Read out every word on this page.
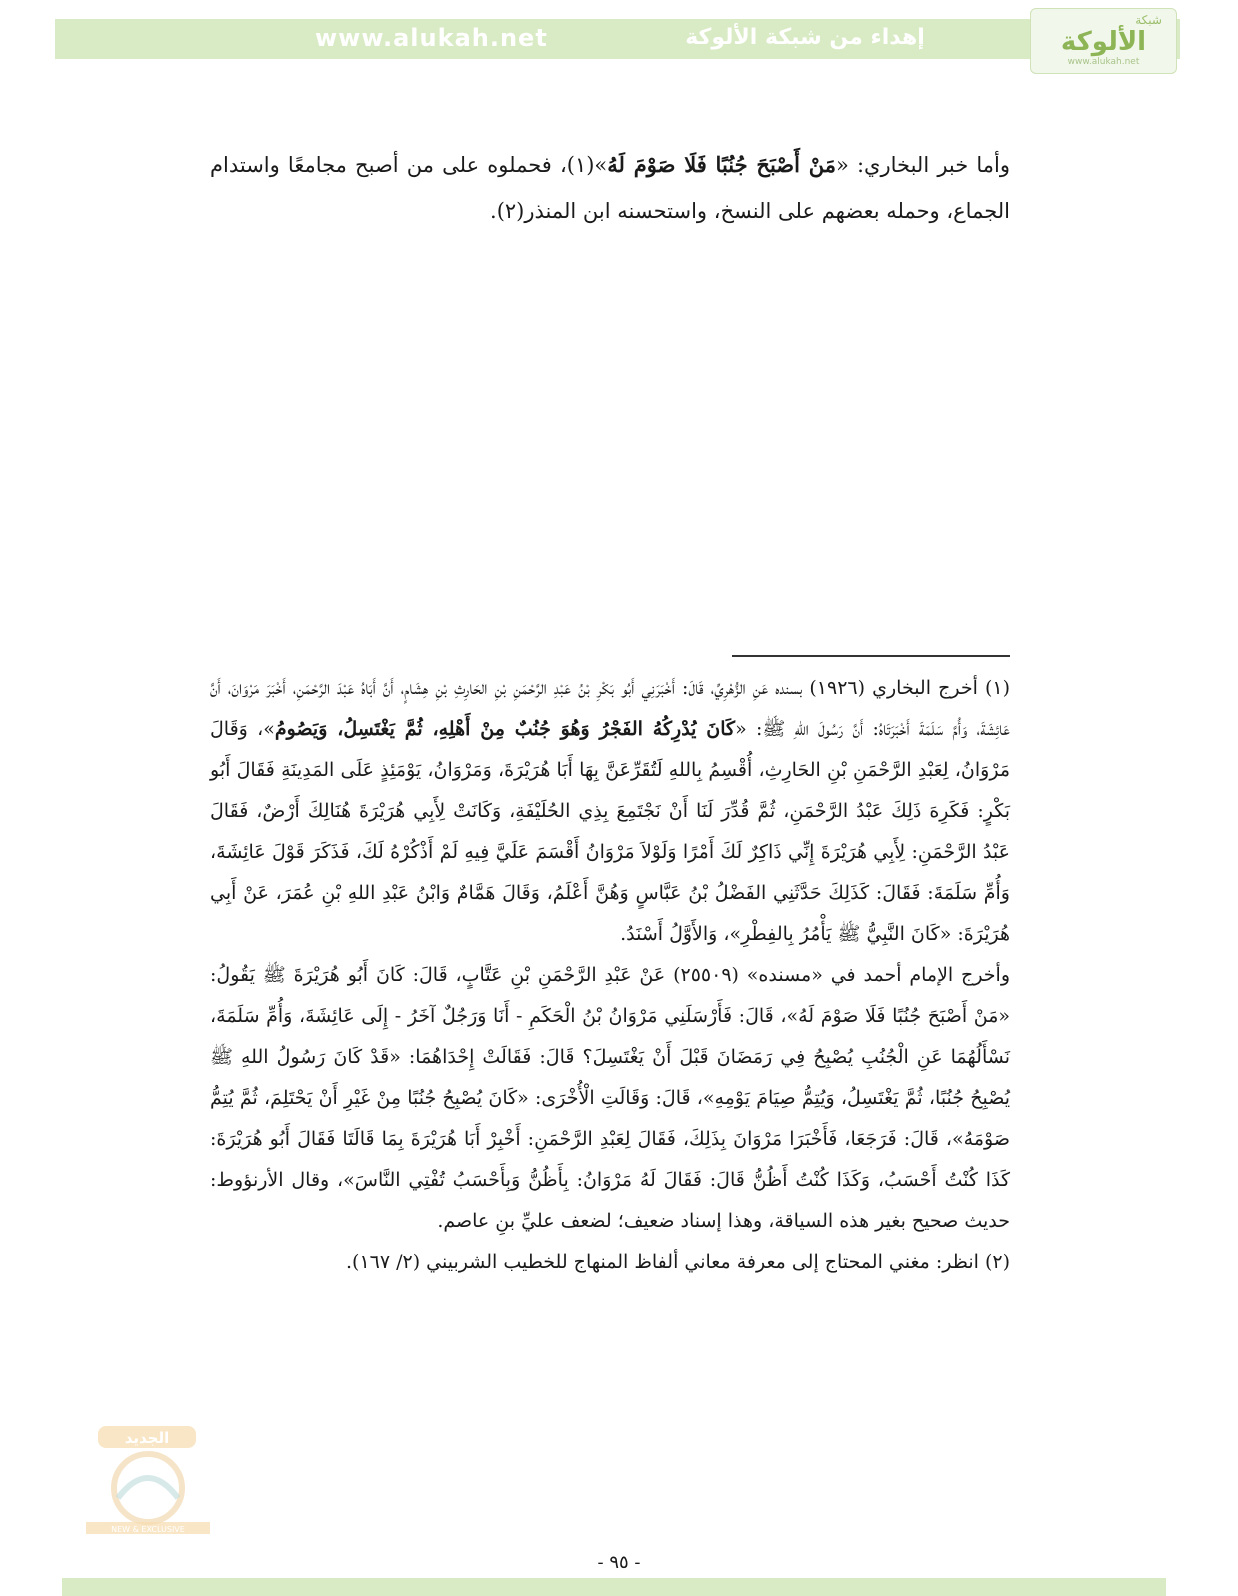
www.alukah.net	إهداء من شبكة الألوكة
شبكة
الألوكة
www.alukah.net

وأما خبر البخاري: «مَنْ أَصْبَحَ جُنُبًا فَلَا صَوْمَ لَهُ»(١)، فحملوه على من أصبح مجامعًا واستدام الجماع، وحمله بعضهم على النسخ، واستحسنه ابن المنذر(٢).

(١) أخرج البخاري (١٩٢٦) بسنده عَنِ الزُّهْرِيِّ، قَالَ: أَخْبَرَنِي أَبُو بَكْرِ بْنُ عَبْدِ الرَّحْمَنِ بْنِ الحَارِثِ بْنِ هِشَامٍ، أَنَّ أَبَاهُ عَبْدَ الرَّحْمَنِ، أَخْبَرَ مَرْوَانَ، أَنَّ عَائِشَةَ، وَأُمَّ سَلَمَةَ أَخْبَرَتَاهُ: أَنَّ رَسُولَ اللهِ ﷺ: «كَانَ يُدْرِكُهُ الفَجْرُ وَهُوَ جُنُبٌ مِنْ أَهْلِهِ، ثُمَّ يَغْتَسِلُ، وَيَصُومُ»، وَقَالَ مَرْوَانُ، لِعَبْدِ الرَّحْمَنِ بْنِ الحَارِثِ، أُقْسِمُ بِاللهِ لَتُقَرِّعَنَّ بِهَا أَبَا هُرَيْرَةَ، وَمَرْوَانُ، يَوْمَئِذٍ عَلَى المَدِينَةِ فَقَالَ أَبُو بَكْرٍ: فَكَرِهَ ذَلِكَ عَبْدُ الرَّحْمَنِ، ثُمَّ قُدِّرَ لَنَا أَنْ نَجْتَمِعَ بِذِي الحُلَيْفَةِ، وَكَانَتْ لِأَبِي هُرَيْرَةَ هُنَالِكَ أَرْضٌ، فَقَالَ عَبْدُ الرَّحْمَنِ: لِأَبِي هُرَيْرَةَ إِنِّي ذَاكِرٌ لَكَ أَمْرًا وَلَوْلاَ مَرْوَانُ أَقْسَمَ عَلَيَّ فِيهِ لَمْ أَذْكُرْهُ لَكَ، فَذَكَرَ قَوْلَ عَائِشَةَ، وَأُمِّ سَلَمَةَ: فَقَالَ: كَذَلِكَ حَدَّثَنِي الفَضْلُ بْنُ عَبَّاسٍ وَهُنَّ أَعْلَمُ، وَقَالَ هَمَّامٌ وَابْنُ عَبْدِ اللهِ بْنِ عُمَرَ، عَنْ أَبِي هُرَيْرَةَ: «كَانَ النَّبِيُّ ﷺ يَأْمُرُ بِالفِطْرِ»، وَالأَوَّلُ أَسْنَدُ.

وأخرج الإمام أحمد في «مسنده» (٢٥٥٠٩) عَنْ عَبْدِ الرَّحْمَنِ بْنِ عَتَّابٍ، قَالَ: كَانَ أَبُو هُرَيْرَةَ ﷺ يَقُولُ: «مَنْ أَصْبَحَ جُنُبًا فَلَا صَوْمَ لَهُ»، قَالَ: فَأَرْسَلَنِي مَرْوَانُ بْنُ الْحَكَمِ - أَنَا وَرَجُلٌ آخَرُ - إِلَى عَائِشَةَ، وَأُمِّ سَلَمَةَ، نَسْأَلُهُمَا عَنِ الْجُنُبِ يُصْبِحُ فِي رَمَضَانَ قَبْلَ أَنْ يَغْتَسِلَ؟ قَالَ: فَقَالَتْ إِحْدَاهُمَا: «قَدْ كَانَ رَسُولُ اللهِ ﷺ يُصْبِحُ جُنُبًا، ثُمَّ يَغْتَسِلُ، وَيُتِمُّ صِيَامَ يَوْمِهِ»، قَالَ: وَقَالَتِ الْأُخْرَى: «كَانَ يُصْبِحُ جُنُبًا مِنْ غَيْرِ أَنْ يَحْتَلِمَ، ثُمَّ يُتِمُّ صَوْمَهُ»، قَالَ: فَرَجَعَا، فَأَخْبَرَا مَرْوَانَ بِذَلِكَ، فَقَالَ لِعَبْدِ الرَّحْمَنِ: أَخْبِرْ أَبَا هُرَيْرَةَ بِمَا قَالَتَا فَقَالَ أَبُو هُرَيْرَةَ: كَذَا كُنْتُ أَحْسَبُ، وَكَذَا كُنْتُ أَظُنُّ قَالَ: فَقَالَ لَهُ مَرْوَانُ: بِأَظُنُّ وَبِأَحْسَبُ تُفْتِي النَّاسَ»، وقال الأرنؤوط: حديث صحيح بغير هذه السياقة، وهذا إسناد ضعيف؛ لضعف عليِّ بنِ عاصم.

(٢) انظر: مغني المحتاج إلى معرفة معاني ألفاظ المنهاج للخطيب الشربيني (٢/ ١٦٧).

الجديد
NEW & EXCLUSIVE
- ٩٥ -
